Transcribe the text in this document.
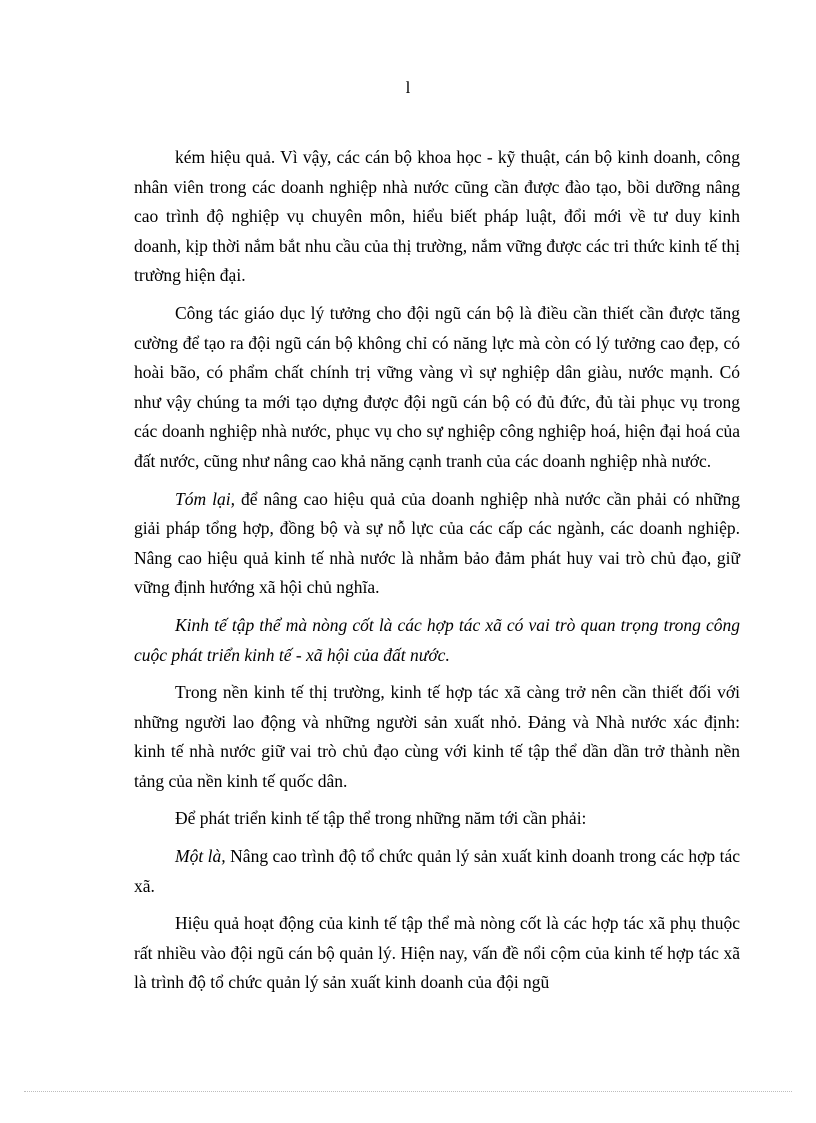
l

kém hiệu quả. Vì vậy, các cán bộ khoa học - kỹ thuật, cán bộ kinh doanh, công nhân viên trong các doanh nghiệp nhà nước cũng cần được đào tạo, bồi dưỡng nâng cao trình độ nghiệp vụ chuyên môn, hiểu biết pháp luật, đổi mới về tư duy kinh doanh, kịp thời nắm bắt nhu cầu của thị trường, nắm vững được các tri thức kinh tế thị trường hiện đại.

Công tác giáo dục lý tưởng cho đội ngũ cán bộ là điều cần thiết cần được tăng cường để tạo ra đội ngũ cán bộ không chỉ có năng lực mà còn có lý tưởng cao đẹp, có hoài bão, có phẩm chất chính trị vững vàng vì sự nghiệp dân giàu, nước mạnh. Có như vậy chúng ta mới tạo dựng được đội ngũ cán bộ có đủ đức, đủ tài phục vụ trong các doanh nghiệp nhà nước, phục vụ cho sự nghiệp công nghiệp hoá, hiện đại hoá của đất nước, cũng như nâng cao khả năng cạnh tranh của các doanh nghiệp nhà nước.

Tóm lại, để nâng cao hiệu quả của doanh nghiệp nhà nước cần phải có những giải pháp tổng hợp, đồng bộ và sự nỗ lực của các cấp các ngành, các doanh nghiệp. Nâng cao hiệu quả kinh tế nhà nước là nhằm bảo đảm phát huy vai trò chủ đạo, giữ vững định hướng xã hội chủ nghĩa.

Kinh tế tập thể mà nòng cốt là các hợp tác xã có vai trò quan trọng trong công cuộc phát triển kinh tế - xã hội của đất nước.

Trong nền kinh tế thị trường, kinh tế hợp tác xã càng trở nên cần thiết đối với những người lao động và những người sản xuất nhỏ. Đảng và Nhà nước xác định: kinh tế nhà nước giữ vai trò chủ đạo cùng với kinh tế tập thể dần dần trở thành nền tảng của nền kinh tế quốc dân.

Để phát triển kinh tế tập thể trong những năm tới cần phải:

Một là, Nâng cao trình độ tổ chức quản lý sản xuất kinh doanh trong các hợp tác xã.

Hiệu quả hoạt động của kinh tế tập thể mà nòng cốt là các hợp tác xã phụ thuộc rất nhiều vào đội ngũ cán bộ quản lý. Hiện nay, vấn đề nổi cộm của kinh tế hợp tác xã là trình độ tổ chức quản lý sản xuất kinh doanh của đội ngũ
